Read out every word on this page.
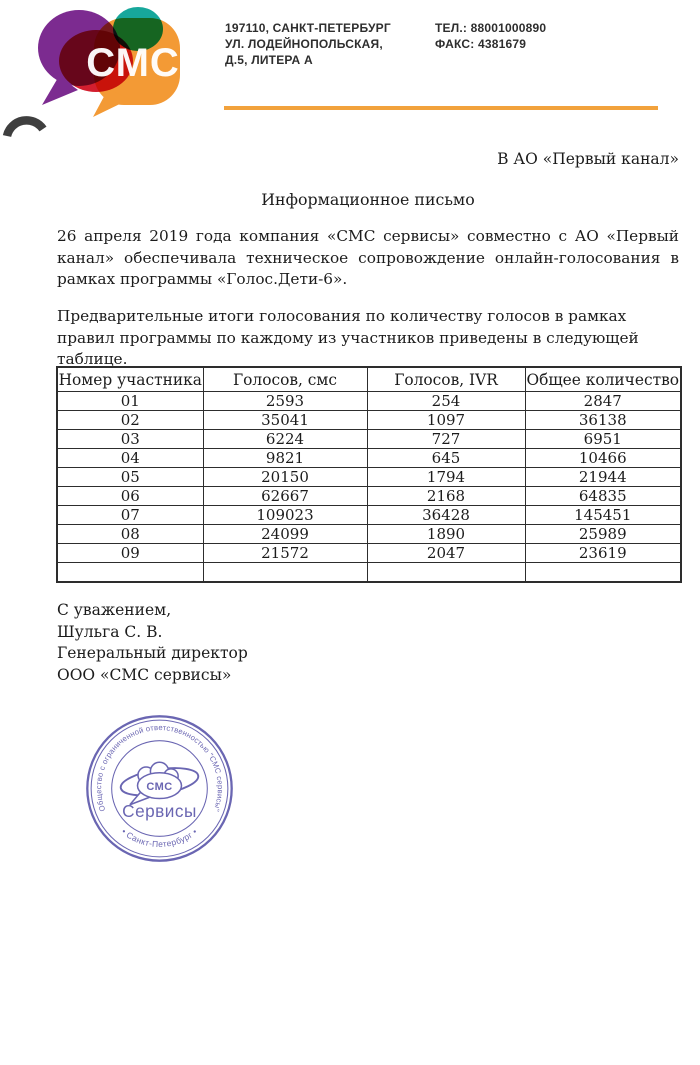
СМС
197110, САНКТ-ПЕТЕРБУРГ
УЛ. ЛОДЕЙНОПОЛЬСКАЯ,
Д.5, ЛИТЕРА А
ТЕЛ.: 88001000890
ФАКС: 4381679
В АО «Первый канал»
Информационное письмо
26 апреля 2019 года компания «СМС сервисы» совместно с АО «Первый канал» обеспечивала техническое сопровождение онлайн-голосования в рамках программы «Голос.Дети-6».
Предварительные итоги голосования по количеству голосов в рамках правил программы по каждому из участников приведены в следующей таблице.
Номер участника	Голосов, смс	Голосов, IVR	Общее количество
01	2593	254	2847
02	35041	1097	36138
03	6224	727	6951
04	9821	645	10466
05	20150	1794	21944
06	62667	2168	64835
07	109023	36428	145451
08	24099	1890	25989
09	21572	2047	23619

С уважением,
Шульга С. В.
Генеральный директор
ООО «СМС сервисы»
Общество с ограниченной ответственностью "СМС сервисы"
• Санкт-Петербург •
СМС
Сервисы
